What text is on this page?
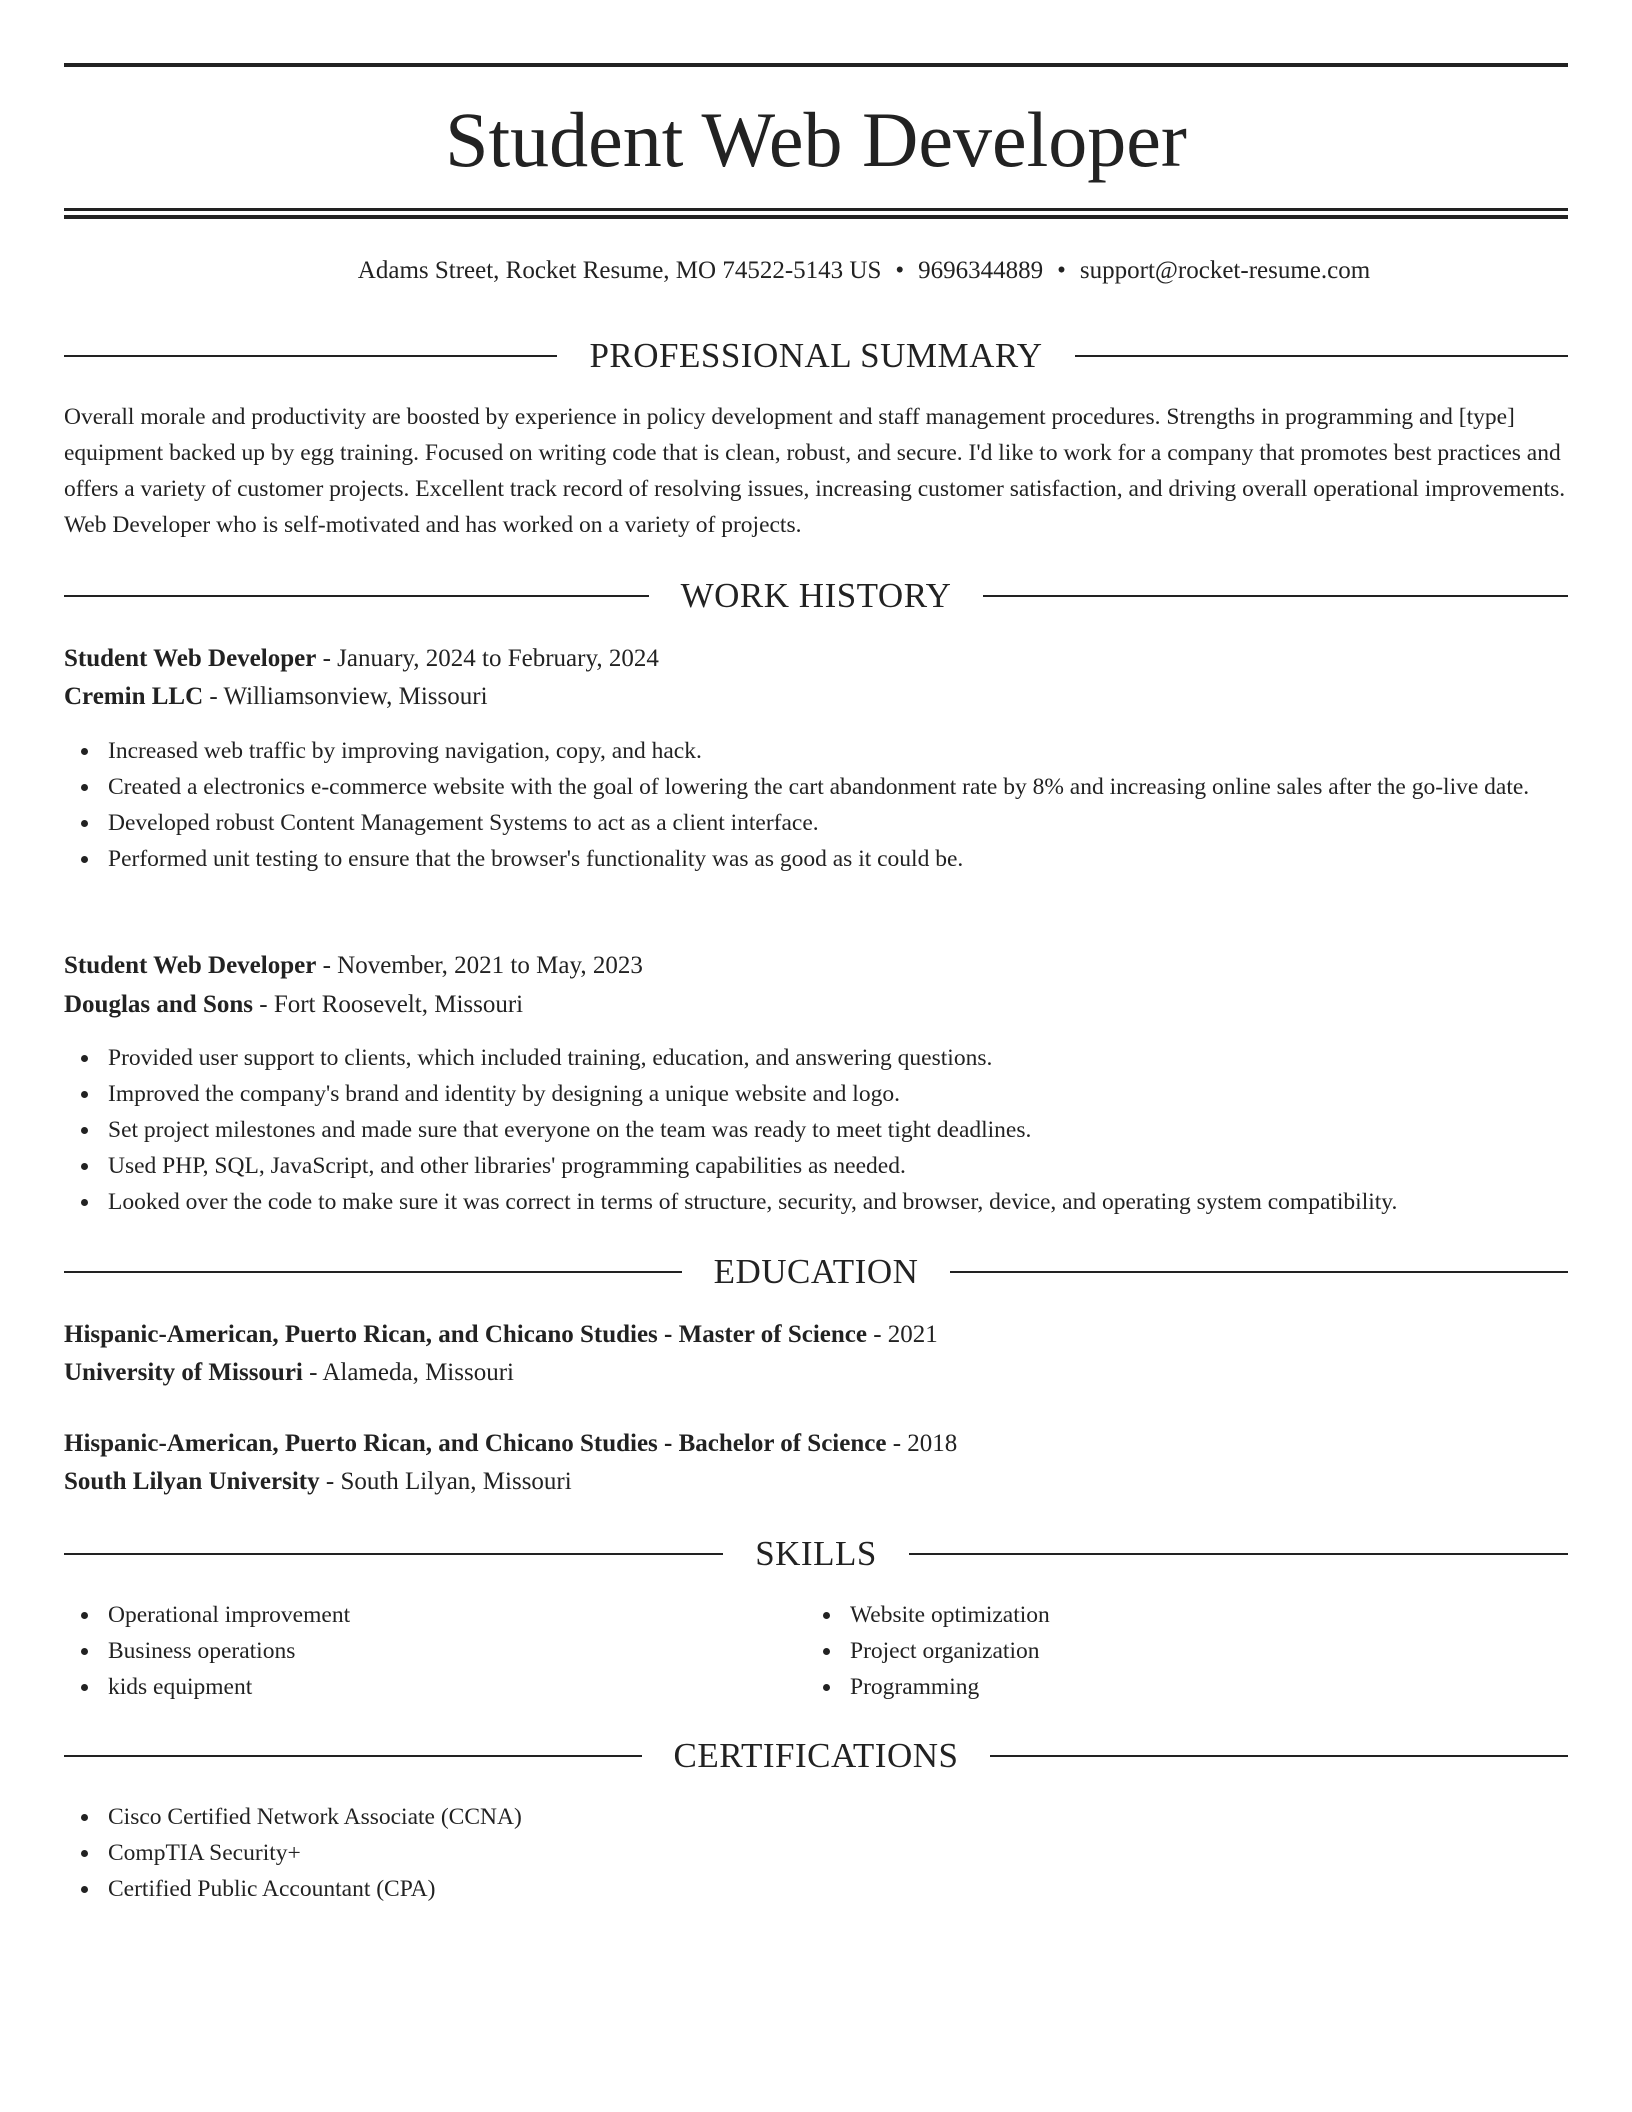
Student Web Developer
Adams Street, Rocket Resume, MO 74522-5143 US • 9696344889 • support@rocket-resume.com
PROFESSIONAL SUMMARY

Overall morale and productivity are boosted by experience in policy development and staff management procedures. Strengths in programming and [type] equipment backed up by egg training. Focused on writing code that is clean, robust, and secure. I'd like to work for a company that promotes best practices and offers a variety of customer projects. Excellent track record of resolving issues, increasing customer satisfaction, and driving overall operational improvements. Web Developer who is self-motivated and has worked on a variety of projects.

WORK HISTORY
Student Web Developer - January, 2024 to February, 2024
Cremin LLC - Williamsonview, Missouri
Increased web traffic by improving navigation, copy, and hack.
Created a electronics e-commerce website with the goal of lowering the cart abandonment rate by 8% and increasing online sales after the go-live date.
Developed robust Content Management Systems to act as a client interface.
Performed unit testing to ensure that the browser's functionality was as good as it could be.
Student Web Developer - November, 2021 to May, 2023
Douglas and Sons - Fort Roosevelt, Missouri
Provided user support to clients, which included training, education, and answering questions.
Improved the company's brand and identity by designing a unique website and logo.
Set project milestones and made sure that everyone on the team was ready to meet tight deadlines.
Used PHP, SQL, JavaScript, and other libraries' programming capabilities as needed.
Looked over the code to make sure it was correct in terms of structure, security, and browser, device, and operating system compatibility.
EDUCATION
Hispanic-American, Puerto Rican, and Chicano Studies - Master of Science - 2021
University of Missouri - Alameda, Missouri
Hispanic-American, Puerto Rican, and Chicano Studies - Bachelor of Science - 2018
South Lilyan University - South Lilyan, Missouri
SKILLS
Operational improvement
Business operations
kids equipment
Website optimization
Project organization
Programming
CERTIFICATIONS
Cisco Certified Network Associate (CCNA)
CompTIA Security+
Certified Public Accountant (CPA)
